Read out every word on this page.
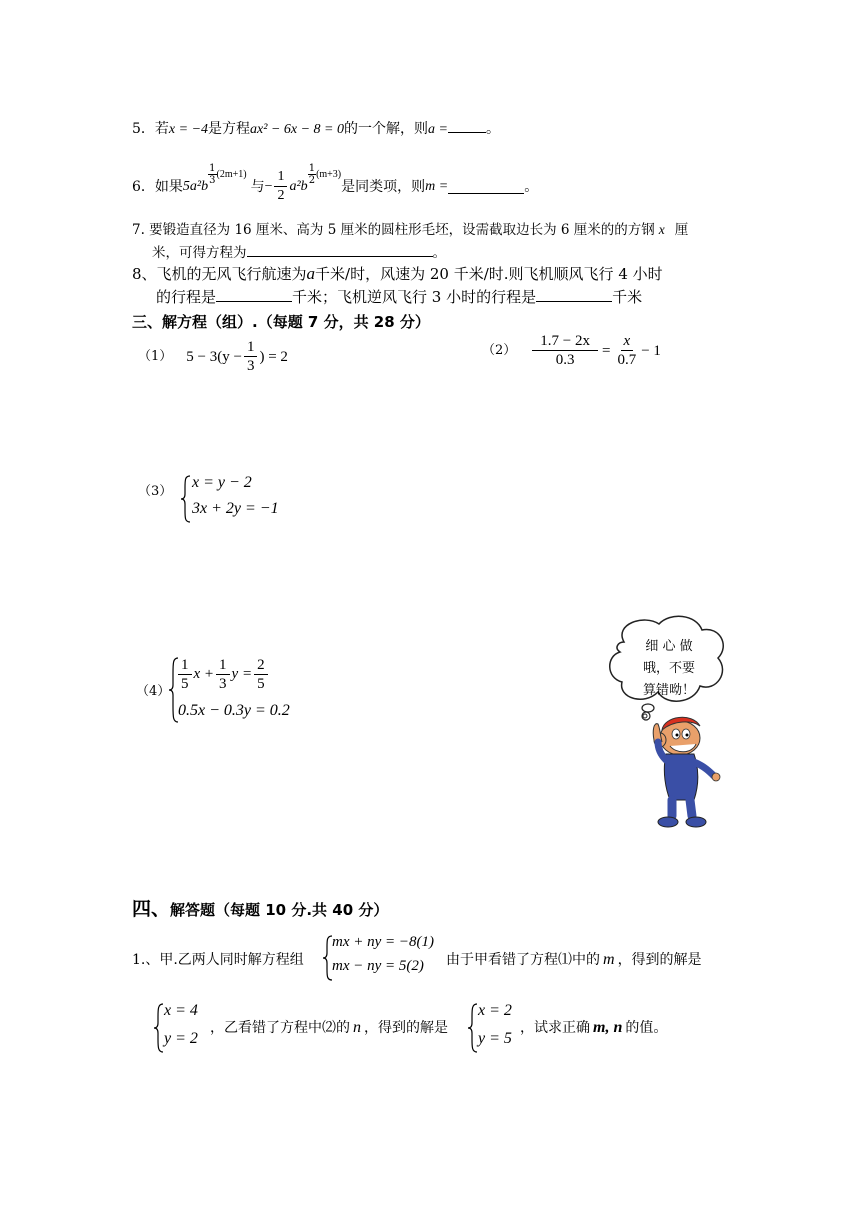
5．若x = −4是方程ax² − 6x − 8 = 0的一个解，则a =	。
6．如果 5a²b
1
3
(2m+1)
与 − $\frac{1}{2} a^2b$
1
2
(m+3)
是同类项，则 m =	。
7. 要锻造直径为 16 厘米、高为 5 厘米的圆柱形毛坯，设需截取边长为 6 厘米的的方钢 x 厘
米，可得方程为	。
8、飞机的无风飞行航速为a千米/时，风速为 20 千米/时.则飞机顺风飞行 4 小时
的行程是	千米；飞机逆风飞行 3 小时的行程是	千米
三、解方程（组）.（每题 7 分，共 28 分）
（1） $5 - 3(y - \frac{1}{3}$ ) = 2	$(2) \frac{1.7 - 2x}{0.3} = \frac{x}{0.7} - 1$
（3）
x = y − 2
3x + 2y = −1
$(4) \frac{1}{5}$ $x + \frac{1}{3}$ $y = \frac{2}{5}$
0.5x − 0.3y = 0.2
细 心 做
哦，不要
算错呦！
四、解答题（每题 10 分.共 40 分）
1.、甲.乙两人同时解方程组
mx + ny = −8(1)
mx − ny = 5(2) 由于甲看错了方程⑴中的 m ，得到的解是
x = 4
y = 2
，乙看错了方程中⑵的 n ，得到的解是
x = 2
y = 5
，试求正确 m, n 的值。
